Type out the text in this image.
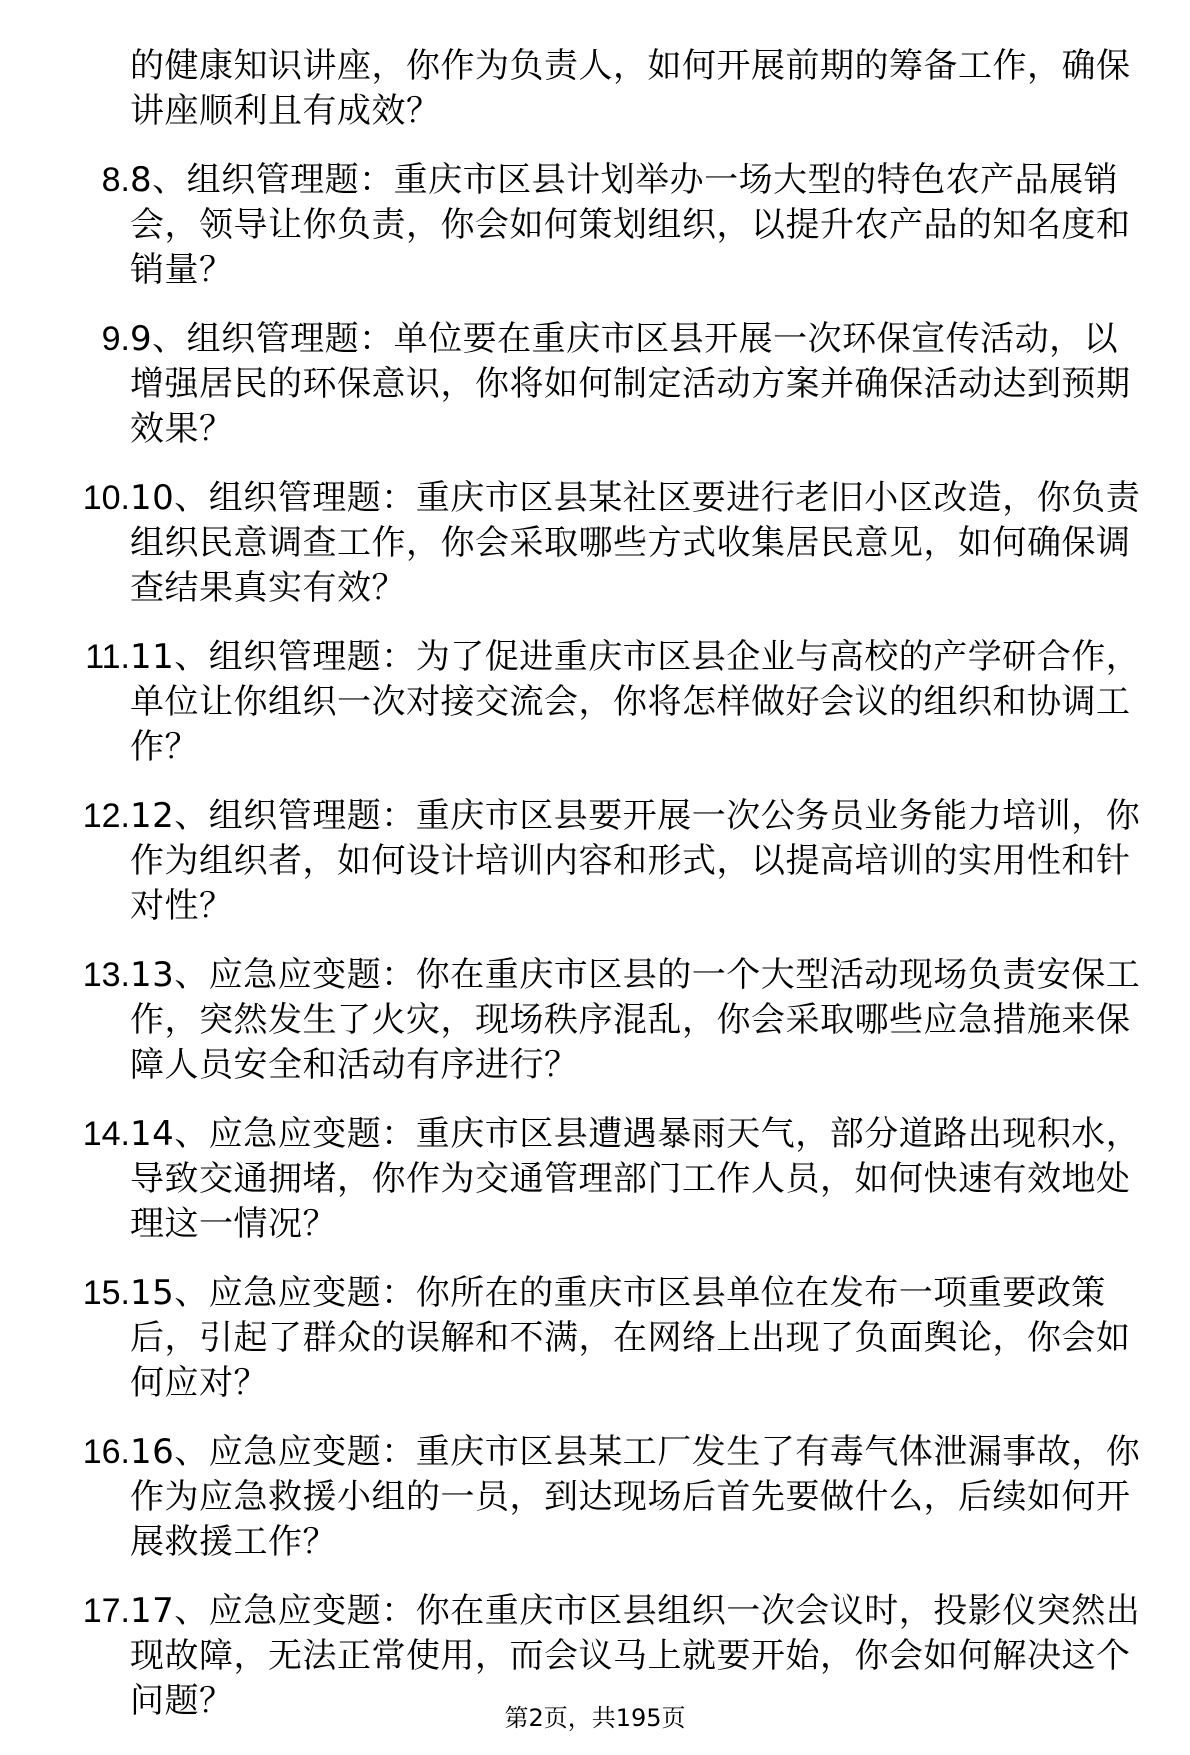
的健康知识讲座，你作为负责人，如何开展前期的筹备工作，确保讲座顺利且有成效？
8. 8、组织管理题：重庆市区县计划举办一场大型的特色农产品展销会，领导让你负责，你会如何策划组织，以提升农产品的知名度和销量？
9. 9、组织管理题：单位要在重庆市区县开展一次环保宣传活动，以增强居民的环保意识，你将如何制定活动方案并确保活动达到预期效果？
10. 10、组织管理题：重庆市区县某社区要进行老旧小区改造，你负责组织民意调查工作，你会采取哪些方式收集居民意见，如何确保调查结果真实有效？
11. 11、组织管理题：为了促进重庆市区县企业与高校的产学研合作，单位让你组织一次对接交流会，你将怎样做好会议的组织和协调工作？
12. 12、组织管理题：重庆市区县要开展一次公务员业务能力培训，你作为组织者，如何设计培训内容和形式，以提高培训的实用性和针对性？
13. 13、应急应变题：你在重庆市区县的一个大型活动现场负责安保工作，突然发生了火灾，现场秩序混乱，你会采取哪些应急措施来保障人员安全和活动有序进行？
14. 14、应急应变题：重庆市区县遭遇暴雨天气，部分道路出现积水，导致交通拥堵，你作为交通管理部门工作人员，如何快速有效地处理这一情况？
15. 15、应急应变题：你所在的重庆市区县单位在发布一项重要政策后，引起了群众的误解和不满，在网络上出现了负面舆论，你会如何应对？
16. 16、应急应变题：重庆市区县某工厂发生了有毒气体泄漏事故，你作为应急救援小组的一员，到达现场后首先要做什么，后续如何开展救援工作？
17. 17、应急应变题：你在重庆市区县组织一次会议时，投影仪突然出现故障，无法正常使用，而会议马上就要开始，你会如何解决这个问题？	第2页，共195页
